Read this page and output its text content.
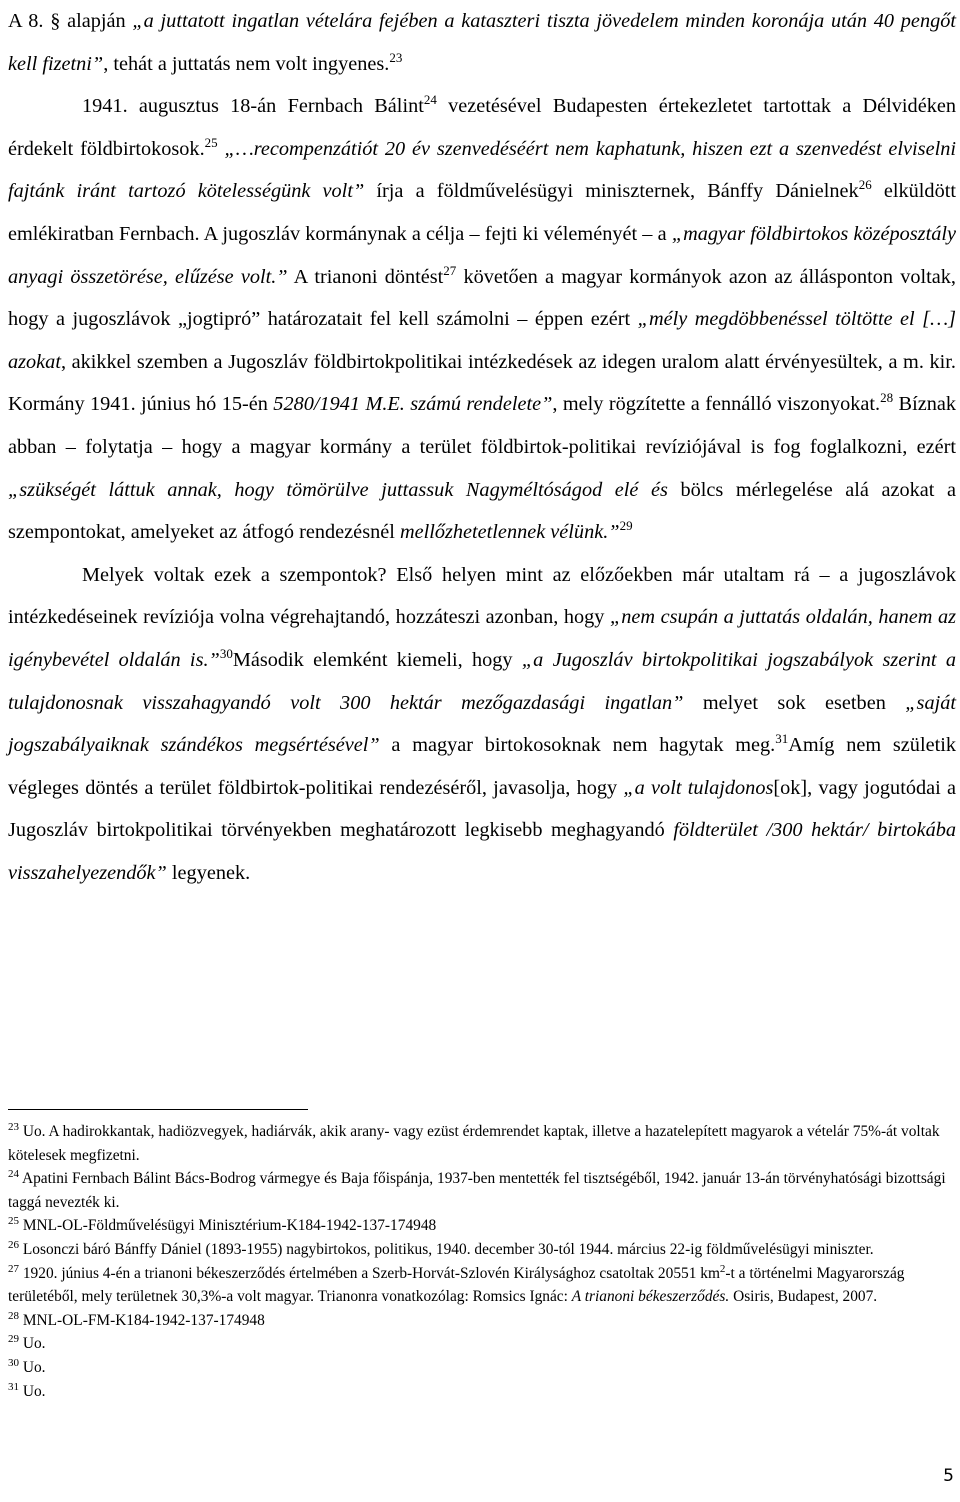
A 8. § alapján „a juttatott ingatlan vételára fejében a kataszteri tiszta jövedelem minden koronája után 40 pengőt kell fizetni”, tehát a juttatás nem volt ingyenes.$^{23}$

1941. augusztus 18-án Fernbach Bálint$^{24}$ vezetésével Budapesten értekezletet tartottak a Délvidéken érdekelt földbirtokosok.$^{25}$ „…recompenzátiót 20 év szenvedéséért nem kaphatunk, hiszen ezt a szenvedést elviselni fajtánk iránt tartozó kötelességünk volt” írja a földművelésügyi miniszternek, Bánffy Dánielnek$^{26}$ elküldött emlékiratban Fernbach. A jugoszláv kormánynak a célja – fejti ki véleményét – a „magyar földbirtokos középosztály anyagi összetörése, elűzése volt.” A trianoni döntést$^{27}$ követően a magyar kormányok azon az állásponton voltak, hogy a jugoszlávok „jogtipró” határozatait fel kell számolni – éppen ezért „mély megdöbbenéssel töltötte el […] azokat, akikkel szemben a Jugoszláv földbirtokpolitikai intézkedések az idegen uralom alatt érvényesültek, a m. kir. Kormány 1941. június hó 15-én 5280/1941 M.E. számú rendelete”, mely rögzítette a fennálló viszonyokat.$^{28}$ Bíznak abban – folytatja – hogy a magyar kormány a terület földbirtok-politikai revíziójával is fog foglalkozni, ezért „szükségét láttuk annak, hogy tömörülve juttassuk Nagyméltóságod elé és bölcs mérlegelése alá azokat a szempontokat, amelyeket az átfogó rendezésnél mellőzhetetlennek vélünk.”$^{29}$

Melyek voltak ezek a szempontok? Első helyen mint az előzőekben már utaltam rá – a jugoszlávok intézkedéseinek revíziója volna végrehajtandó, hozzáteszi azonban, hogy „nem csupán a juttatás oldalán, hanem az igénybevétel oldalán is.”$^{30}$Második elemként kiemeli, hogy „a Jugoszláv birtokpolitikai jogszabályok szerint a tulajdonosnak visszahagyandó volt 300 hektár mezőgazdasági ingatlan” melyet sok esetben „saját jogszabályaiknak szándékos megsértésével” a magyar birtokosoknak nem hagytak meg.$^{31}$Amíg nem születik végleges döntés a terület földbirtok-politikai rendezéséről, javasolja, hogy „a volt tulajdonos[ok], vagy jogutódai a Jugoszláv birtokpolitikai törvényekben meghatározott legkisebb meghagyandó földterület /300 hektár/ birtokába visszahelyezendők” legyenek.

$^{23}$ Uo. A hadirokkantak, hadiözvegyek, hadiárvák, akik arany- vagy ezüst érdemrendet kaptak, illetve a hazatelepített magyarok a vételár 75%-át voltak kötelesek megfizetni.

$^{24}$ Apatini Fernbach Bálint Bács-Bodrog vármegye és Baja főispánja, 1937-ben mentették fel tisztségéből, 1942. január 13-án törvényhatósági bizottsági taggá nevezték ki.

$^{25}$ MNL-OL-Földművelésügyi Minisztérium-K184-1942-137-174948

$^{26}$ Losonczi báró Bánffy Dániel (1893-1955) nagybirtokos, politikus, 1940. december 30-tól 1944. március 22-ig földművelésügyi miniszter.

$^{27}$ 1920. június 4-én a trianoni békeszerződés értelmében a Szerb-Horvát-Szlovén Királysághoz csatoltak 20551 km$^2$-t a történelmi Magyarország területéből, mely területnek 30,3%-a volt magyar. Trianonra vonatkozólag: Romsics Ignác: A trianoni békeszerződés. Osiris, Budapest, 2007.

$^{28}$ MNL-OL-FM-K184-1942-137-174948

$^{29}$ Uo.

$^{30}$ Uo.

$^{31}$ Uo.

5
